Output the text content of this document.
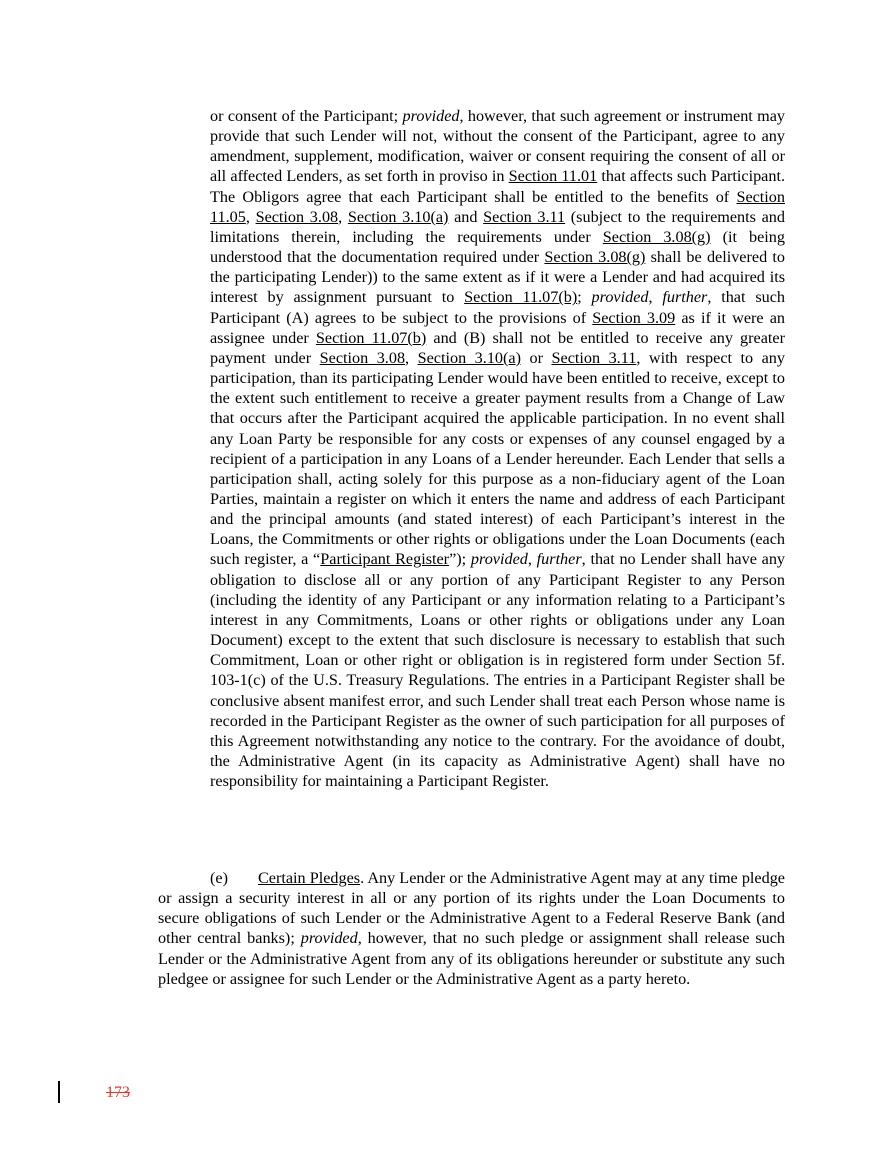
or consent of the Participant; provided, however, that such agreement or instrument may provide that such Lender will not, without the consent of the Participant, agree to any amendment, supplement, modification, waiver or consent requiring the consent of all or all affected Lenders, as set forth in proviso in Section 11.01 that affects such Participant. The Obligors agree that each Participant shall be entitled to the benefits of Section 11.05, Section 3.08, Section 3.10(a) and Section 3.11 (subject to the requirements and limitations therein, including the requirements under Section 3.08(g) (it being understood that the documentation required under Section 3.08(g) shall be delivered to the participating Lender)) to the same extent as if it were a Lender and had acquired its interest by assignment pursuant to Section 11.07(b); provided, further, that such Participant (A) agrees to be subject to the provisions of Section 3.09 as if it were an assignee under Section 11.07(b) and (B) shall not be entitled to receive any greater payment under Section 3.08, Section 3.10(a) or Section 3.11, with respect to any participation, than its participating Lender would have been entitled to receive, except to the extent such entitlement to receive a greater payment results from a Change of Law that occurs after the Participant acquired the applicable participation. In no event shall any Loan Party be responsible for any costs or expenses of any counsel engaged by a recipient of a participation in any Loans of a Lender hereunder. Each Lender that sells a participation shall, acting solely for this purpose as a non-fiduciary agent of the Loan Parties, maintain a register on which it enters the name and address of each Participant and the principal amounts (and stated interest) of each Participant’s interest in the Loans, the Commitments or other rights or obligations under the Loan Documents (each such register, a “Participant Register”); provided, further, that no Lender shall have any obligation to disclose all or any portion of any Participant Register to any Person (including the identity of any Participant or any information relating to a Participant’s interest in any Commitments, Loans or other rights or obligations under any Loan Document) except to the extent that such disclosure is necessary to establish that such Commitment, Loan or other right or obligation is in registered form under Section 5f. 103-1(c) of the U.S. Treasury Regulations. The entries in a Participant Register shall be conclusive absent manifest error, and such Lender shall treat each Person whose name is recorded in the Participant Register as the owner of such participation for all purposes of this Agreement notwithstanding any notice to the contrary. For the avoidance of doubt, the Administrative Agent (in its capacity as Administrative Agent) shall have no responsibility for maintaining a Participant Register.

(e) Certain Pledges. Any Lender or the Administrative Agent may at any time pledge or assign a security interest in all or any portion of its rights under the Loan Documents to secure obligations of such Lender or the Administrative Agent to a Federal Reserve Bank (and other central banks); provided, however, that no such pledge or assignment shall release such Lender or the Administrative Agent from any of its obligations hereunder or substitute any such pledgee or assignee for such Lender or the Administrative Agent as a party hereto.

173
